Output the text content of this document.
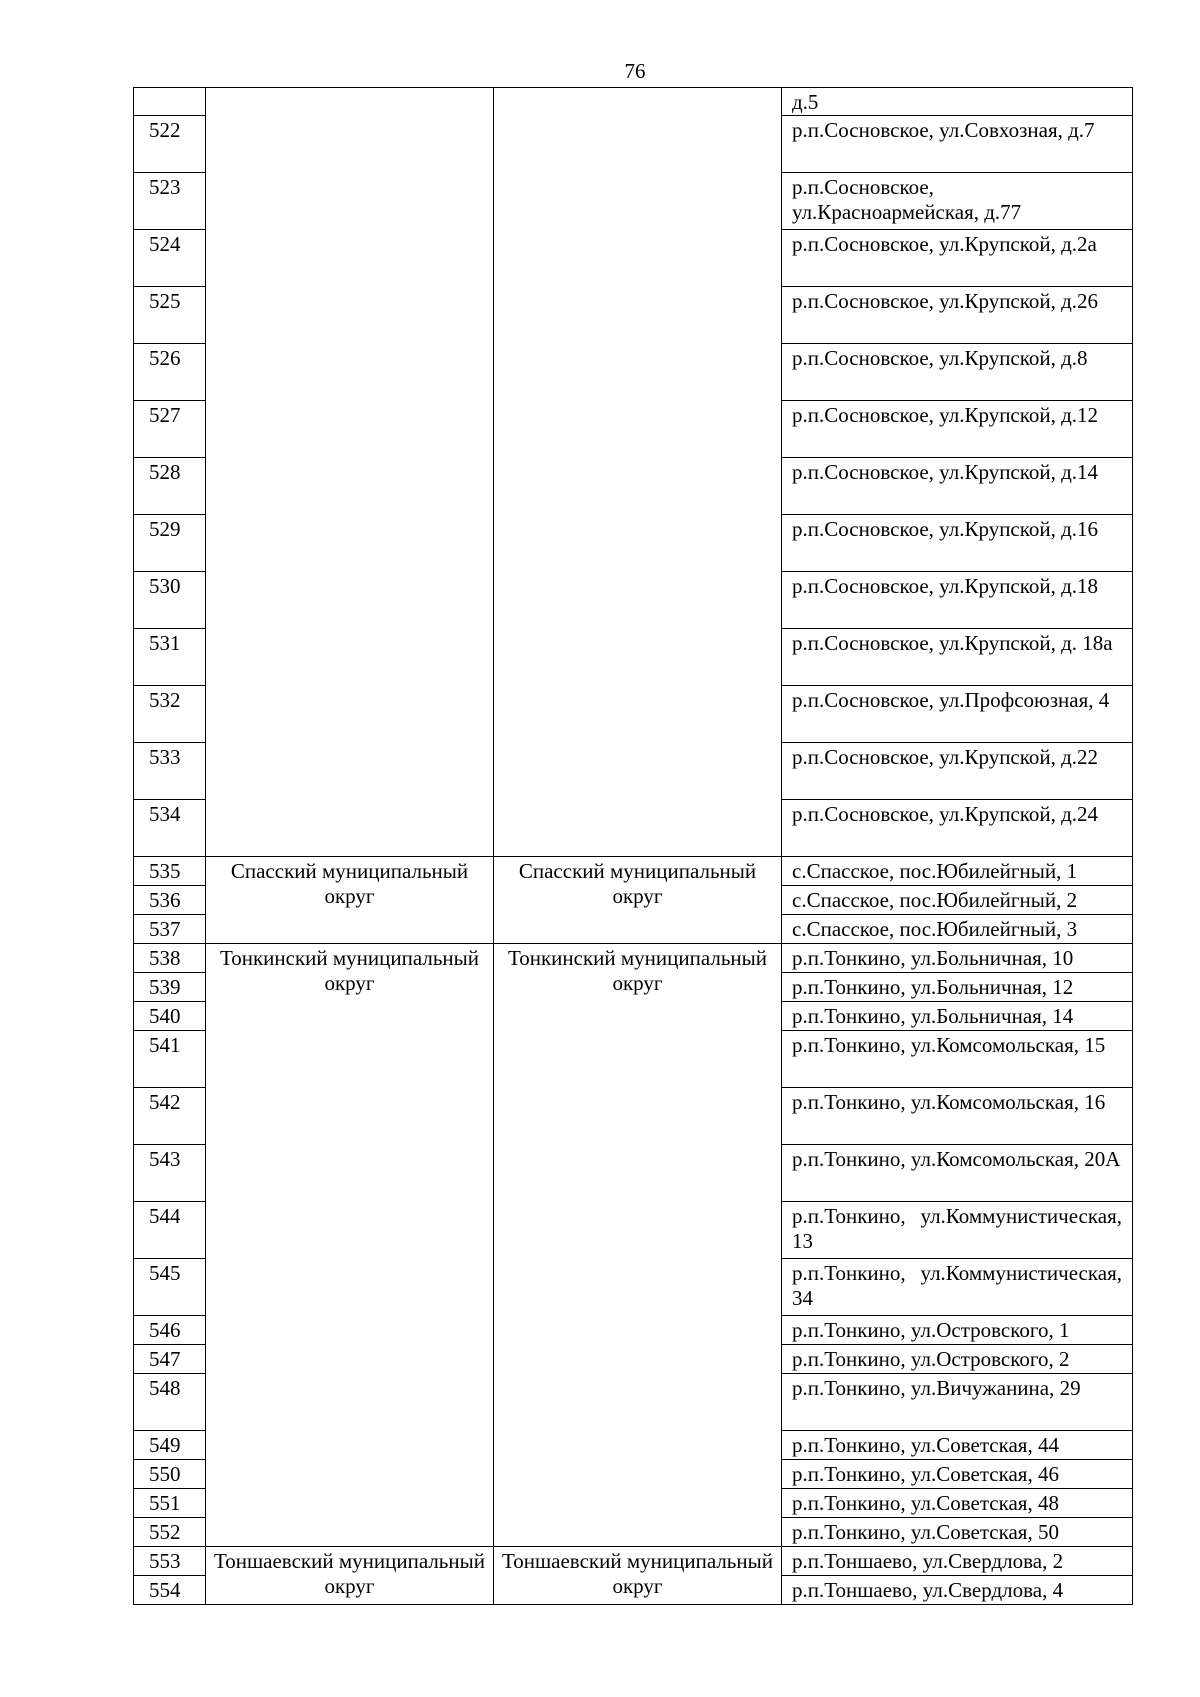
76
			д.5
522			р.п.Сосновское, ул.Совхозная, д.7
523			р.п.Сосновское, ул.Красноармейская, д.77
524			р.п.Сосновское, ул.Крупской, д.2а
525			р.п.Сосновское, ул.Крупской, д.26
526			р.п.Сосновское, ул.Крупской, д.8
527			р.п.Сосновское, ул.Крупской, д.12
528			р.п.Сосновское, ул.Крупской, д.14
529			р.п.Сосновское, ул.Крупской, д.16
530			р.п.Сосновское, ул.Крупской, д.18
531			р.п.Сосновское, ул.Крупской, д. 18а
532			р.п.Сосновское, ул.Профсоюзная, 4
533			р.п.Сосновское, ул.Крупской, д.22
534			р.п.Сосновское, ул.Крупской, д.24
535	Спасский муниципальный округ	Спасский муниципальный округ	с.Спасское, пос.Юбилейгный, 1
536			с.Спасское, пос.Юбилейгный, 2
537			с.Спасское, пос.Юбилейгный, 3
538	Тонкинский муниципальный округ	Тонкинский муниципальный округ	р.п.Тонкино, ул.Больничная, 10
539			р.п.Тонкино, ул.Больничная, 12
540			р.п.Тонкино, ул.Больничная, 14
541			р.п.Тонкино, ул.Комсомольская, 15
542			р.п.Тонкино, ул.Комсомольская, 16
543			р.п.Тонкино, ул.Комсомольская, 20А
544			р.п.Тонкино, ул.Коммунистическая, 13
545			р.п.Тонкино, ул.Коммунистическая, 34
546			р.п.Тонкино, ул.Островского, 1
547			р.п.Тонкино, ул.Островского, 2
548			р.п.Тонкино, ул.Вичужанина, 29
549			р.п.Тонкино, ул.Советская, 44
550			р.п.Тонкино, ул.Советская, 46
551			р.п.Тонкино, ул.Советская, 48
552			р.п.Тонкино, ул.Советская, 50
553	Тоншаевский муниципальный округ	Тоншаевский муниципальный округ	р.п.Тоншаево, ул.Свердлова, 2
554			р.п.Тоншаево, ул.Свердлова, 4
